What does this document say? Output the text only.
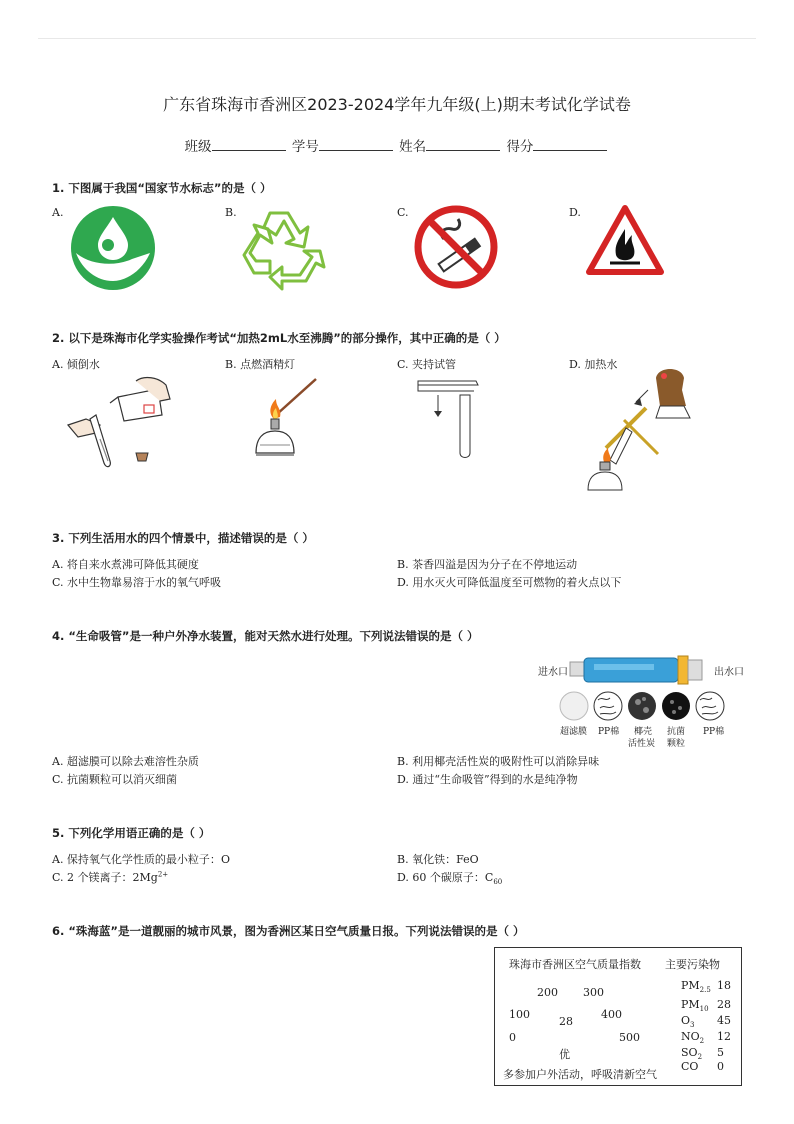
广东省珠海市香洲区2023-2024学年九年级(上)期末考试化学试卷
班级	学号	姓名	得分
1. 下图属于我国“国家节水标志”的是（ ）
A.	B.	C.	D.
2. 以下是珠海市化学实验操作考试“加热2mL水至沸腾”的部分操作，其中正确的是（ ）
A. 倾倒水	B. 点燃酒精灯	C. 夹持试管	D. 加热水
3. 下列生活用水的四个情景中，描述错误的是（ ）
A. 将自来水煮沸可降低其硬度	B. 茶香四溢是因为分子在不停地运动
C. 水中生物靠易溶于水的氧气呼吸	D. 用水灭火可降低温度至可燃物的着火点以下
4. “生命吸管”是一种户外净水装置，能对天然水进行处理。下列说法错误的是（ ）
进水口	出水口
超滤膜 PP棉 椰壳
活性炭
抗菌
颗粒
PP棉
A. 超滤膜可以除去难溶性杂质	B. 利用椰壳活性炭的吸附性可以消除异味
C. 抗菌颗粒可以消灭细菌	D. 通过“生命吸管”得到的水是纯净物
5. 下列化学用语正确的是（ ）
A. 保持氧气化学性质的最小粒子：O	B. 氧化铁：FeO
C. 2 个镁离子：$2Mg^{2+}$	D. 60 个碳原子：$C_{60}$
6. “珠海蓝”是一道靓丽的城市风景，图为香洲区某日空气质量日报。下列说法错误的是（ ）
珠海市香洲区空气质量指数 主要污染物
200 300
100	400
28
0	500
优
多参加户外活动，呼吸清新空气
$PM_{2.5}$ 18
$PM_{10}$ 28
$O_3$ 45
$NO_2$ 12
$SO_2$ 5
CO 0
